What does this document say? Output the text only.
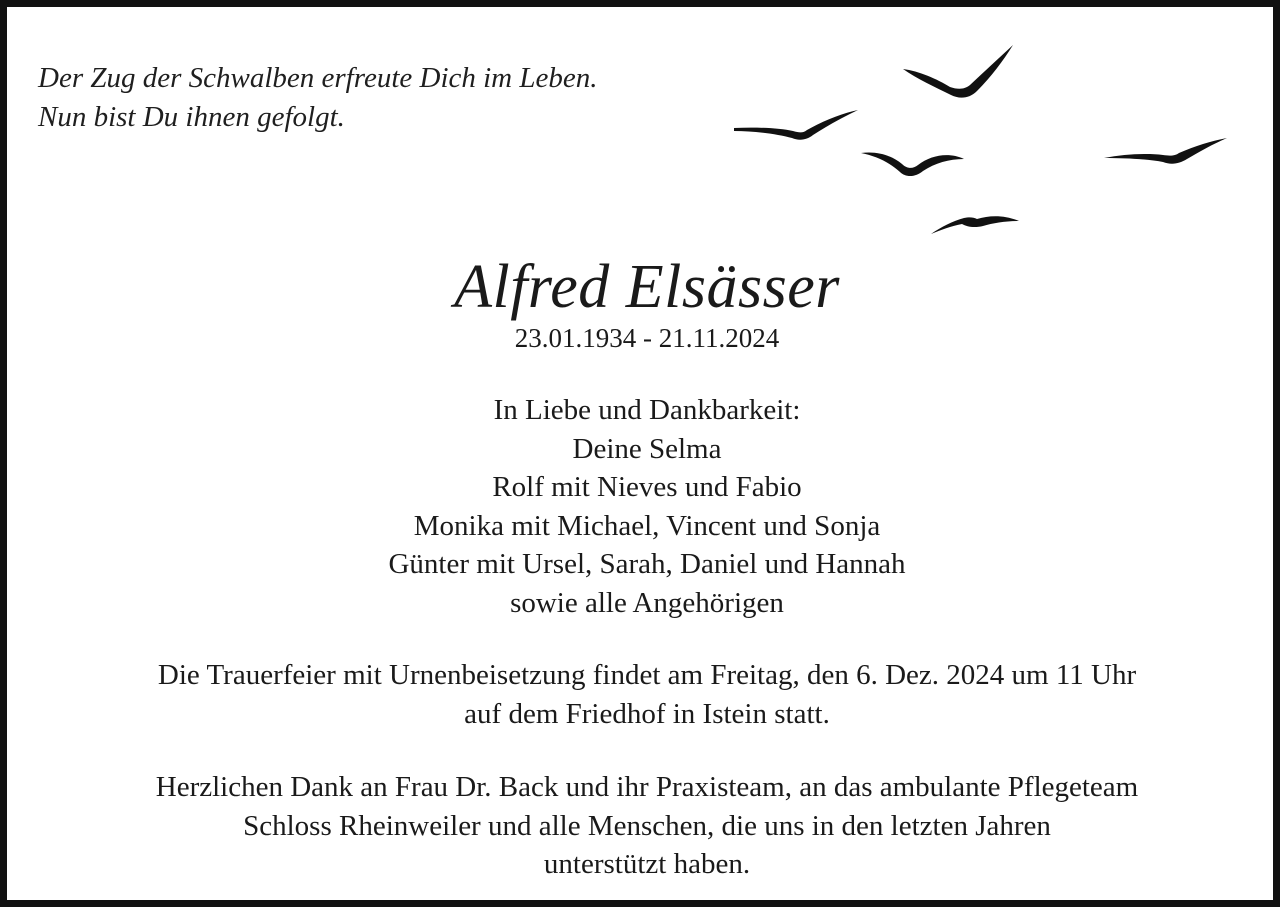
Der Zug der Schwalben erfreute Dich im Leben.
Nun bist Du ihnen gefolgt.
Alfred Elsässer
23.01.1934 - 21.11.2024
In Liebe und Dankbarkeit:
Deine Selma
Rolf mit Nieves und Fabio
Monika mit Michael, Vincent und Sonja
Günter mit Ursel, Sarah, Daniel und Hannah
sowie alle Angehörigen
Die Trauerfeier mit Urnenbeisetzung findet am Freitag, den 6. Dez. 2024 um 11 Uhr
auf dem Friedhof in Istein statt.
Herzlichen Dank an Frau Dr. Back und ihr Praxisteam, an das ambulante Pflegeteam
Schloss Rheinweiler und alle Menschen, die uns in den letzten Jahren
unterstützt haben.
